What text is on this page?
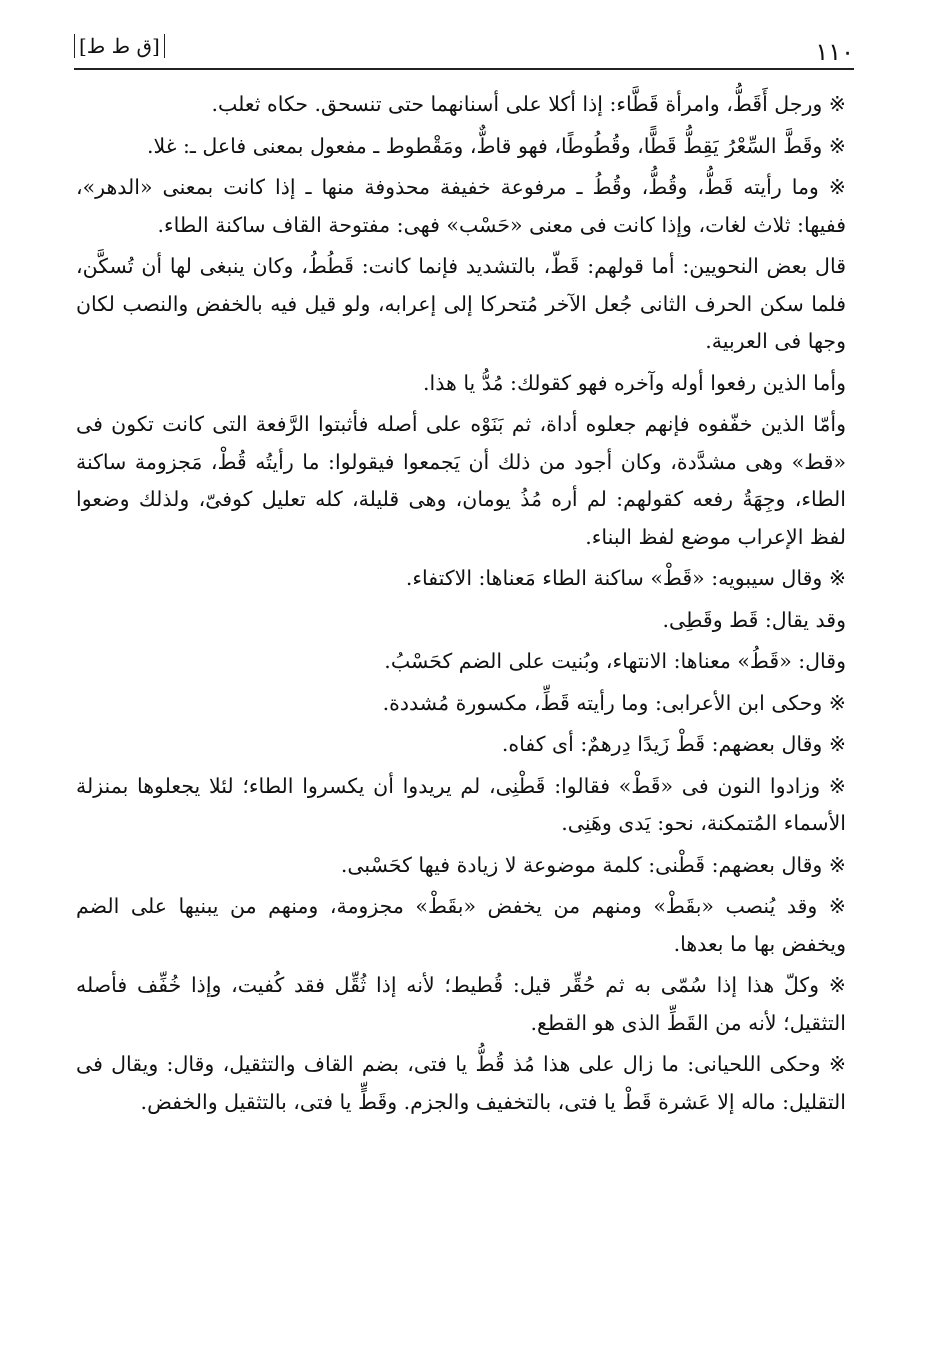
[ق ط ط]	١١٠

※ ورجل أَقَطُّ، وامرأة قَطَّاء: إذا أكلا على أسنانهما حتى تنسحق. حكاه ثعلب.

※ وقَطَّ السِّعْرُ يَقِطُّ قَطًّا، وقُطُوطًا، فهو قاطٌّ، ومَقْطوط ـ مفعول بمعنى فاعل ـ: غلا.

※ وما رأيته قَطُّ، وقُطُّ، وقُطُ ـ مرفوعة خفيفة محذوفة منها ـ إذا كانت بمعنى «الدهر»، ففيها: ثلاث لغات، وإذا كانت فى معنى «حَسْب» فهى: مفتوحة القاف ساكنة الطاء.

قال بعض النحويين: أما قولهم: قَطّ، بالتشديد فإنما كانت: قَطُطُ، وكان ينبغى لها أن تُسكَّن، فلما سكن الحرف الثانى جُعل الآخر مُتحركا إلى إعرابه، ولو قيل فيه بالخفض والنصب لكان وجها فى العربية.

وأما الذين رفعوا أوله وآخره فهو كقولك: مُدُّ يا هذا.

وأمّا الذين خفّفوه فإنهم جعلوه أداة، ثم بَنَوْه على أصله فأثبتوا الرَّفعة التى كانت تكون فى «قط» وهى مشدَّدة، وكان أجود من ذلك أن يَجمعوا فيقولوا: ما رأيتُه قُطْ، مَجزومة ساكنة الطاء، وجِهَةُ رفعه كقولهم: لم أره مُذُ يومان، وهى قليلة، كله تعليل كوفىّ، ولذلك وضعوا لفظ الإعراب موضع لفظ البناء.

※ وقال سيبويه: «قَطْ» ساكنة الطاء مَعناها: الاكتفاء.

وقد يقال: قَط وقَطِى.

وقال: «قَطُ» معناها: الانتهاء، وبُنيت على الضم كحَسْبُ.

※ وحكى ابن الأعرابى: وما رأيته قَطِّ، مكسورة مُشددة.

※ وقال بعضهم: قَطْ زَيدًا دِرهمٌ: أى كفاه.

※ وزادوا النون فى «قَطْ» فقالوا: قَطْنِى، لم يريدوا أن يكسروا الطاء؛ لئلا يجعلوها بمنزلة الأسماء المُتمكنة، نحو: يَدى وهَنِى.

※ وقال بعضهم: قَطْنى: كلمة موضوعة لا زيادة فيها كحَسْبى.

※ وقد يُنصب «بقَطْ» ومنهم من يخفض «بقَطْ» مجزومة، ومنهم من يبنيها على الضم ويخفض بها ما بعدها.

※ وكلّ هذا إذا سُمّى به ثم حُقِّر قيل: قُطيط؛ لأنه إذا ثُقِّل فقد كُفيت، وإذا خُفِّف فأصله التثقيل؛ لأنه من القَطِّ الذى هو القطع.

※ وحكى اللحيانى: ما زال على هذا مُذ قُطُّ يا فتى، بضم القاف والتثقيل، وقال: ويقال فى التقليل: ماله إلا عَشرة قَطْ يا فتى، بالتخفيف والجزم. وقَطٍّ يا فتى، بالتثقيل والخفض.
